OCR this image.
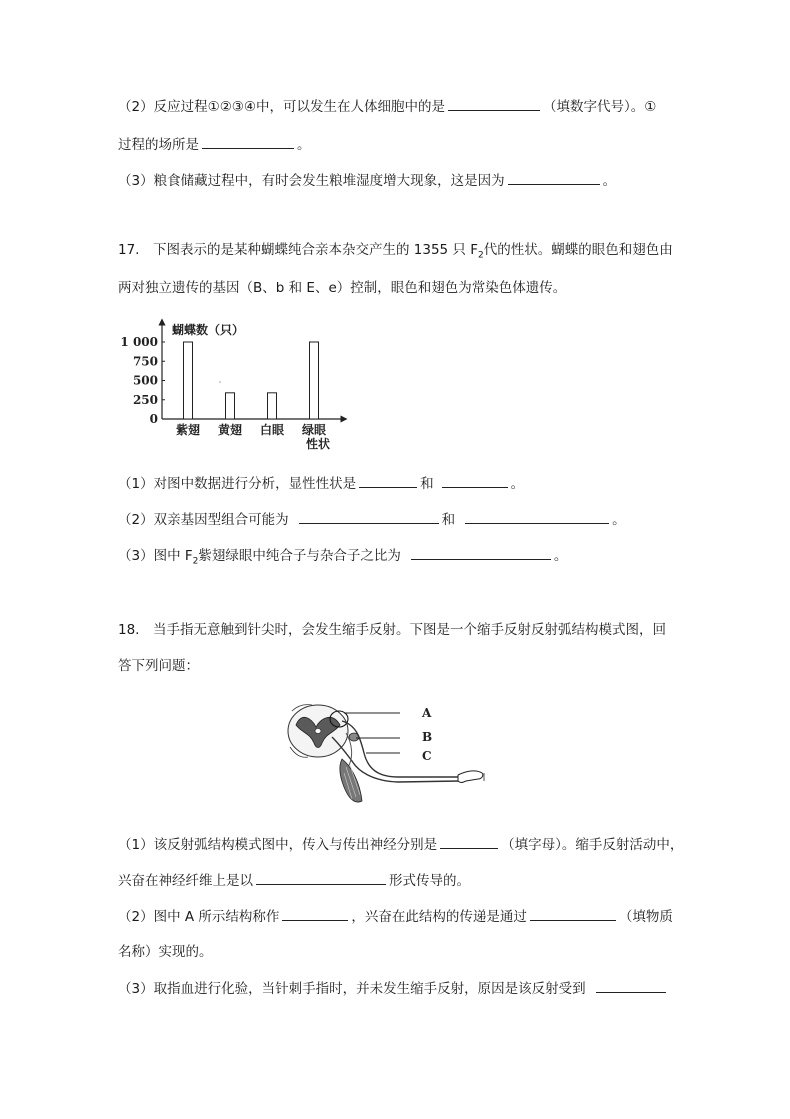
（2）反应过程①②③④中，可以发生在人体细胞中的是	（填数字代号）。①
过程的场所是	。
（3）粮食储藏过程中，有时会发生粮堆湿度增大现象，这是因为	。
17.　下图表示的是某种蝴蝶纯合亲本杂交产生的 1355 只 $F_2$代的性状。蝴蝶的眼色和翅色由
两对独立遗传的基因（B、b 和 E、e）控制，眼色和翅色为常染色体遗传。
蝴蝶数（只）
1 000
750
500
250
0
紫翅 黄翅 白眼 绿眼
性状
（1）对图中数据进行分析，显性性状是	和	。
（2）双亲基因型组合可能为	和	。
（3）图中 $F_2$紫翅绿眼中纯合子与杂合子之比为	。
18.　当手指无意触到针尖时，会发生缩手反射。下图是一个缩手反射反射弧结构模式图，回
答下列问题：
A
B
C
（1）该反射弧结构模式图中，传入与传出神经分别是	（填字母）。缩手反射活动中，
兴奋在神经纤维上是以	形式传导的。
（2）图中 A 所示结构称作	，兴奋在此结构的传递是通过	（填物质
名称）实现的。
（3）取指血进行化验，当针刺手指时，并未发生缩手反射，原因是该反射受到
